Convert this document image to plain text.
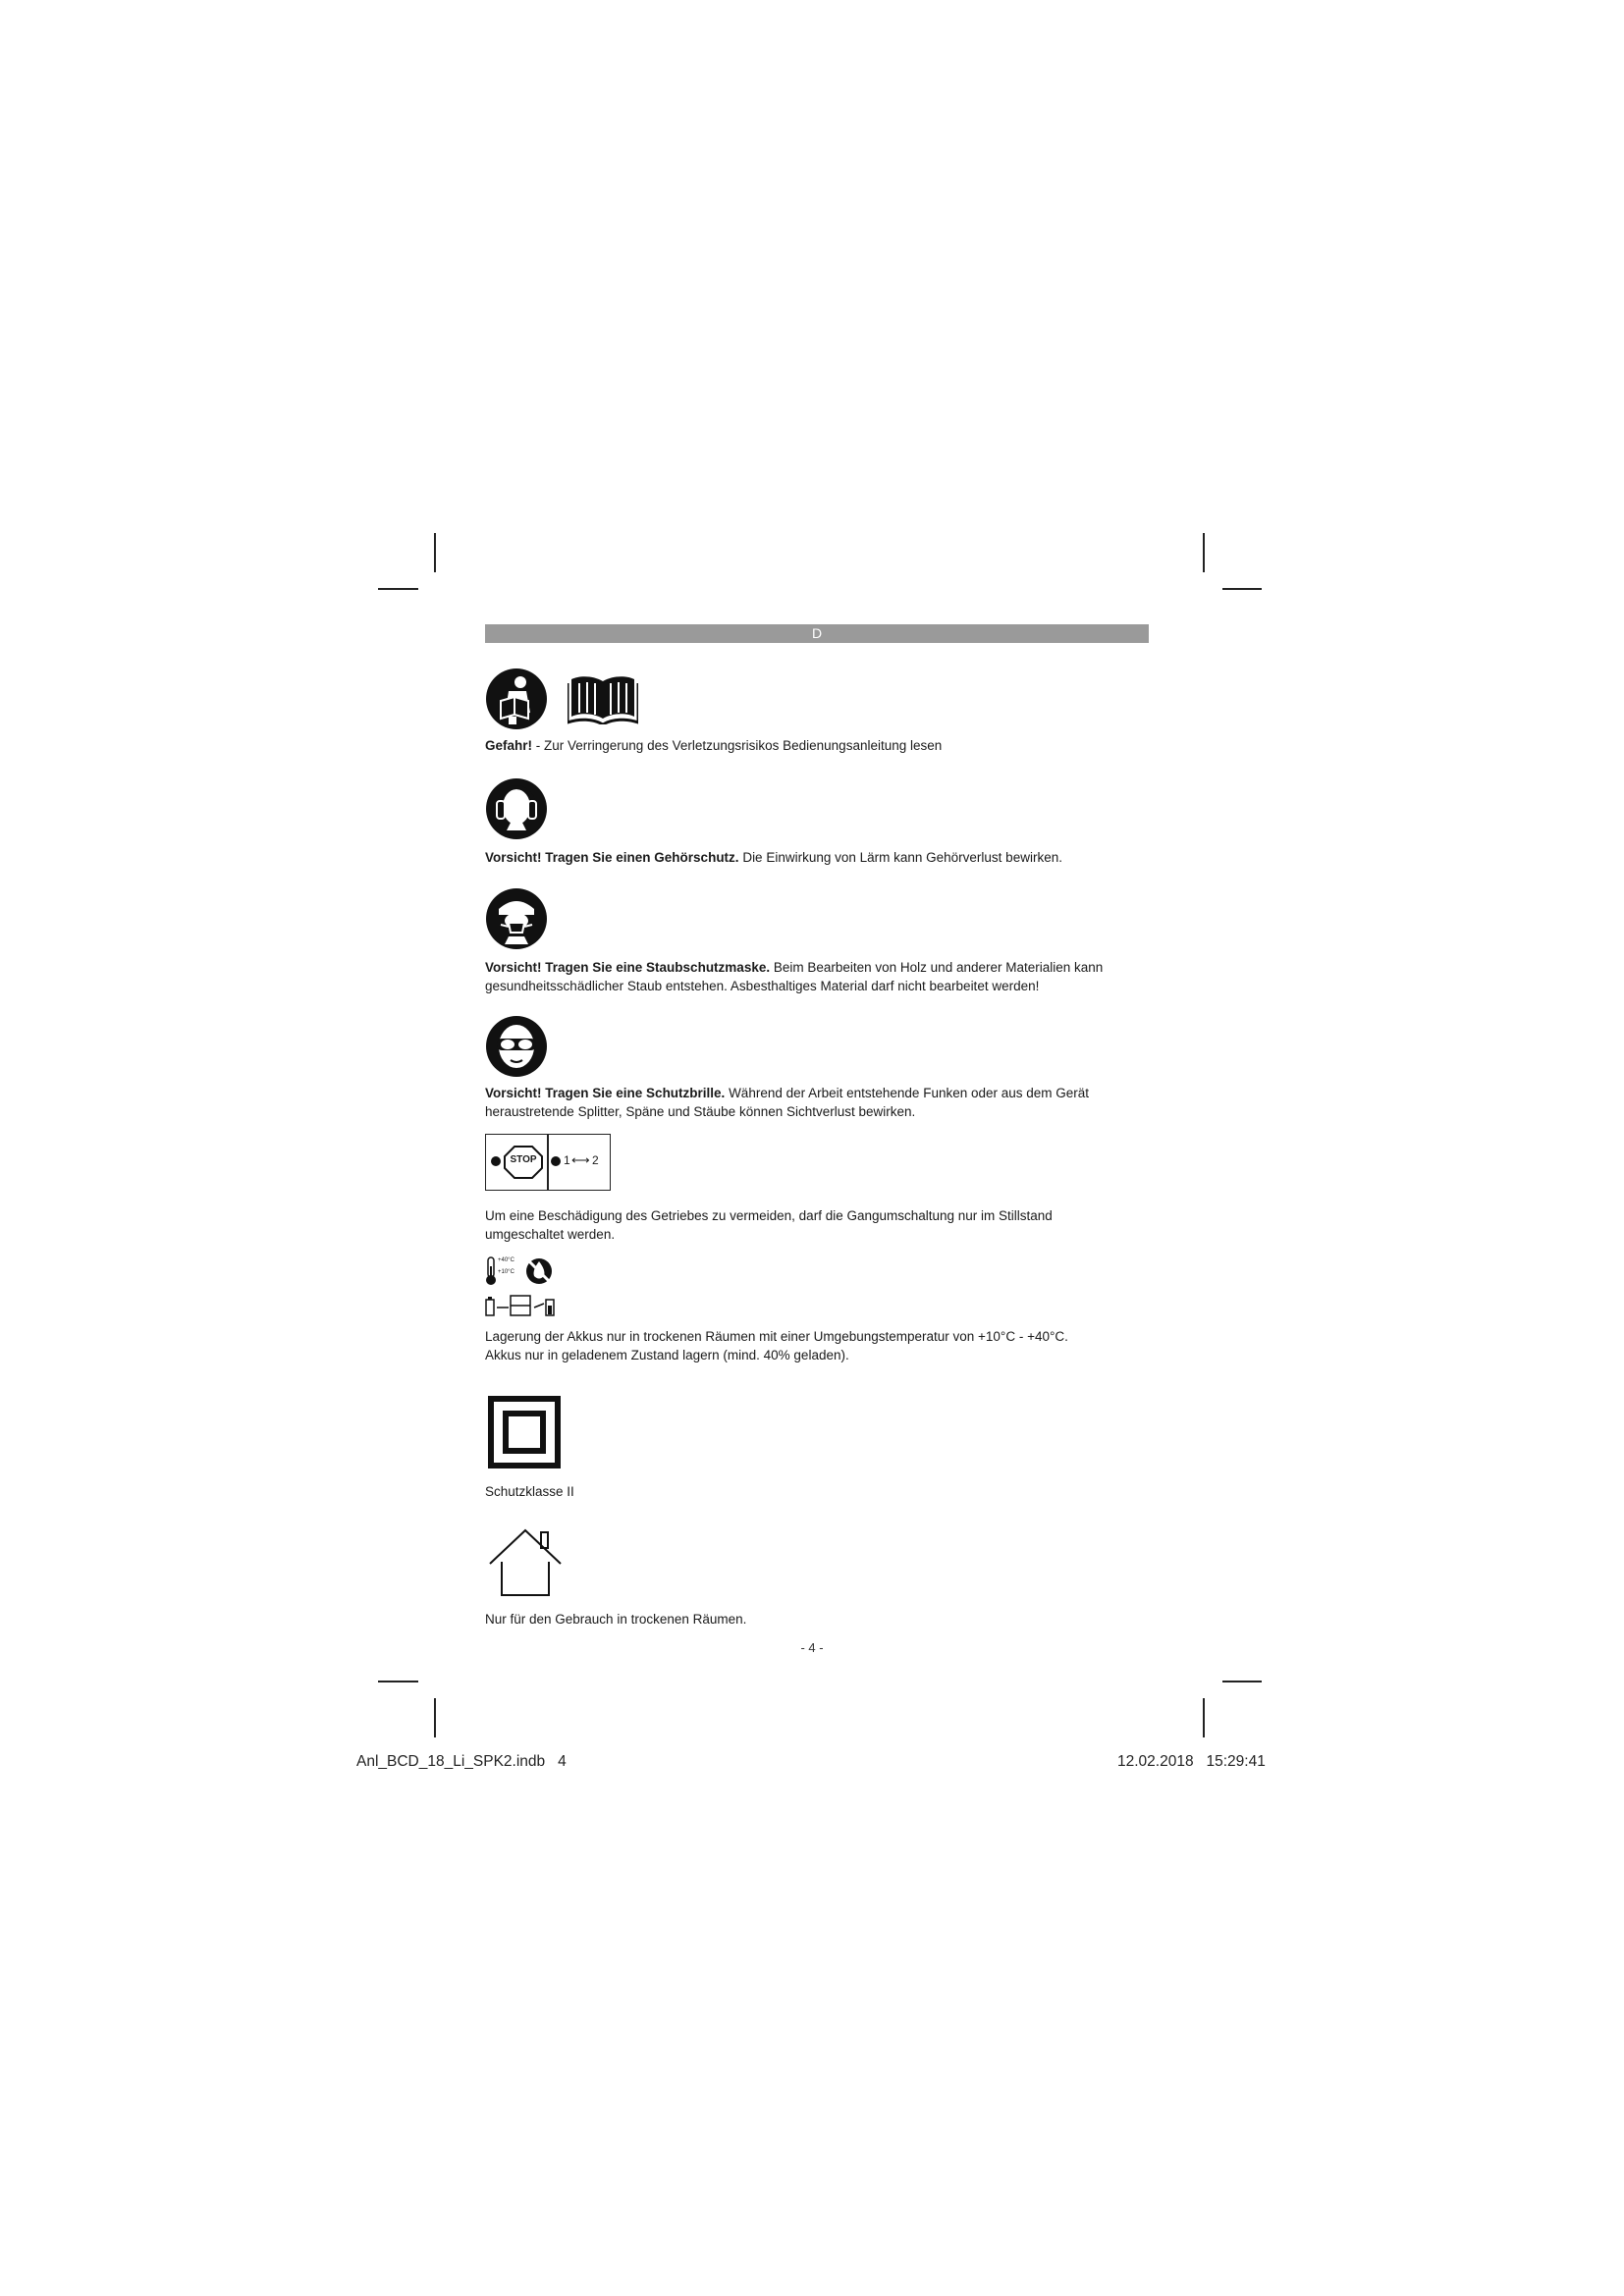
D
Gefahr! - Zur Verringerung des Verletzungsrisikos Bedienungsanleitung lesen
Vorsicht! Tragen Sie einen Gehörschutz. Die Einwirkung von Lärm kann Gehörverlust bewirken.
Vorsicht! Tragen Sie eine Staubschutzmaske. Beim Bearbeiten von Holz und anderer Materialien kann gesundheitsschädlicher Staub entstehen. Asbesthaltiges Material darf nicht bearbeitet werden!
Vorsicht! Tragen Sie eine Schutzbrille. Während der Arbeit entstehende Funken oder aus dem Gerät heraustretende Splitter, Späne und Stäube können Sichtverlust bewirken.
STOP	1 ⟷ 2
Um eine Beschädigung des Getriebes zu vermeiden, darf die Gangumschaltung nur im Stillstand umgeschaltet werden.
+40°C
+10°C
Lagerung der Akkus nur in trockenen Räumen mit einer Umgebungstemperatur von +10°C - +40°C.
Akkus nur in geladenem Zustand lagern (mind. 40% geladen).
Schutzklasse II
Nur für den Gebrauch in trockenen Räumen.
- 4 -
Anl_BCD_18_Li_SPK2.indb   4	12.02.2018   15:29:41
